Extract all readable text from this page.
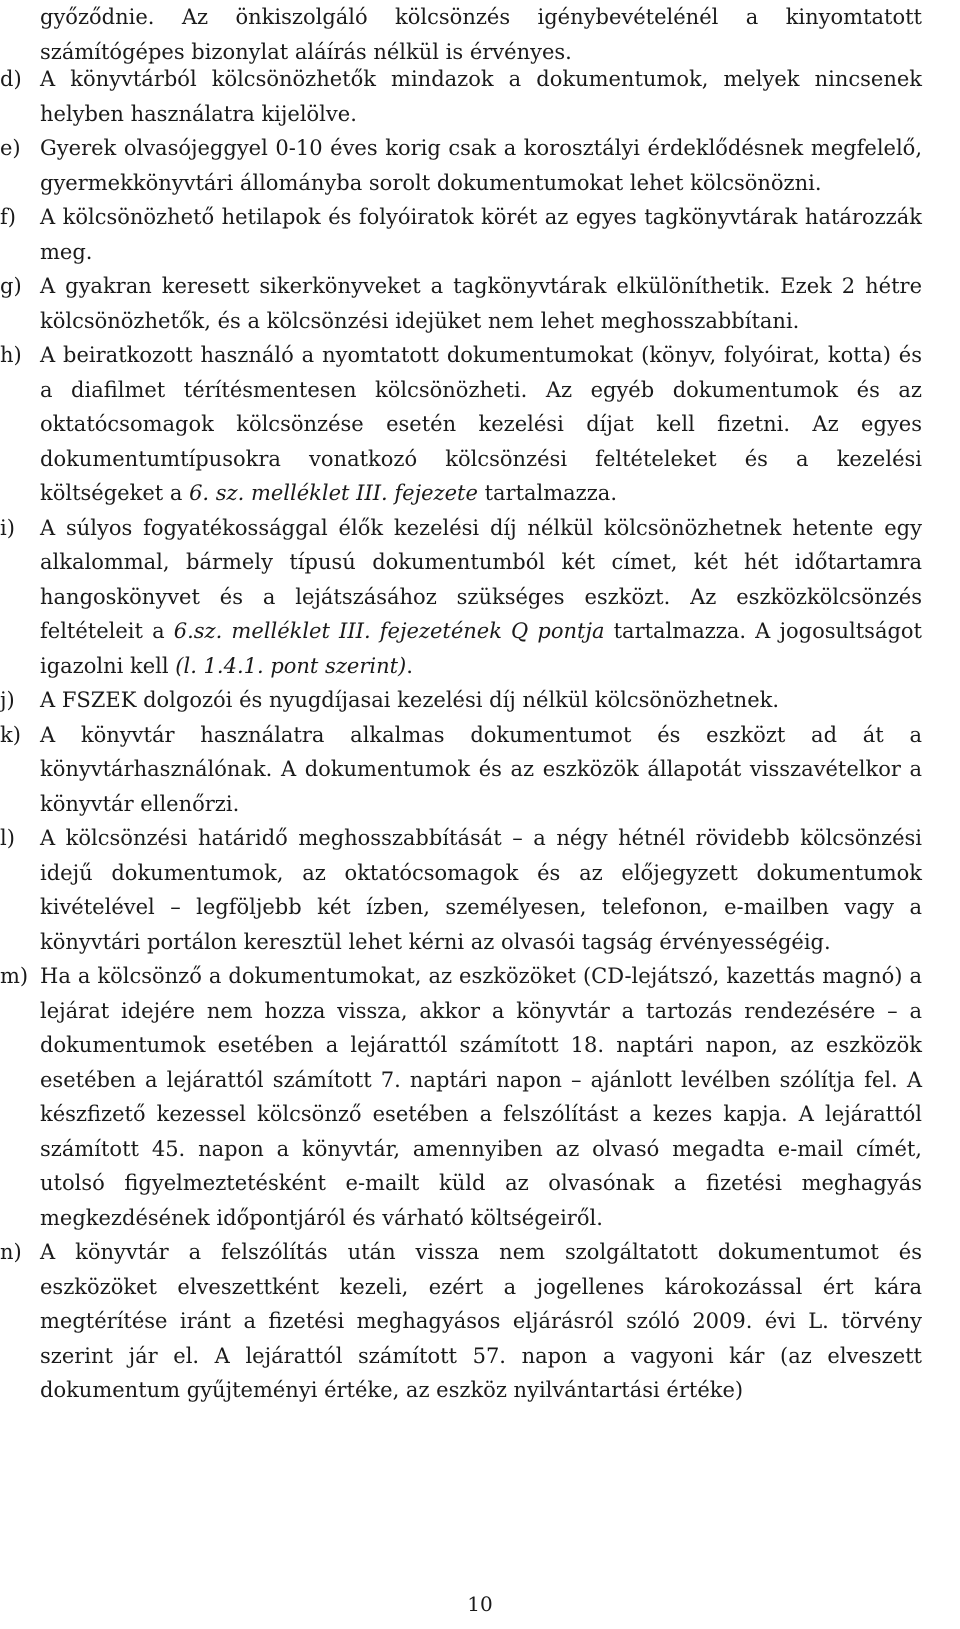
győződnie. Az önkiszolgáló kölcsönzés igénybevételénél a kinyomtatott számítógépes bizonylat aláírás nélkül is érvényes.

d) A könyvtárból kölcsönözhetők mindazok a dokumentumok, melyek nincsenek helyben használatra kijelölve.
e) Gyerek olvasójeggyel 0-10 éves korig csak a korosztályi érdeklődésnek megfelelő, gyermekkönyvtári állományba sorolt dokumentumokat lehet kölcsönözni.
f)	A kölcsönözhető hetilapok és folyóiratok körét az egyes tagkönyvtárak határozzák meg.
g) A gyakran keresett sikerkönyveket a tagkönyvtárak elkülöníthetik. Ezek 2 hétre kölcsönözhetők, és a kölcsönzési idejüket nem lehet meghosszabbítani.
h) A beiratkozott használó a nyomtatott dokumentumokat (könyv, folyóirat, kotta) és a diafilmet térítésmentesen kölcsönözheti. Az egyéb dokumentumok és az oktatócsomagok kölcsönzése esetén kezelési díjat kell fizetni. Az egyes dokumentumtípusokra vonatkozó kölcsönzési feltételeket és a kezelési költségeket a 6. sz. melléklet III. fejezete tartalmazza.
i)	A súlyos fogyatékossággal élők kezelési díj nélkül kölcsönözhetnek hetente egy alkalommal, bármely típusú dokumentumból két címet, két hét időtartamra hangoskönyvet és a lejátszásához szükséges eszközt. Az eszközkölcsönzés feltételeit a 6.sz. melléklet III. fejezetének Q pontja tartalmazza. A jogosultságot igazolni kell (l. 1.4.1. pont szerint).
j)	A FSZEK dolgozói és nyugdíjasai kezelési díj nélkül kölcsönözhetnek.
k) A könyvtár használatra alkalmas dokumentumot és eszközt ad át a könyvtárhasználónak. A dokumentumok és az eszközök állapotát visszavételkor a könyvtár ellenőrzi.
l)	A kölcsönzési határidő meghosszabbítását – a négy hétnél rövidebb kölcsönzési idejű dokumentumok, az oktatócsomagok és az előjegyzett dokumentumok kivételével – legföljebb két ízben, személyesen, telefonon, e-mailben vagy a könyvtári portálon keresztül lehet kérni az olvasói tagság érvényességéig.
m) Ha a kölcsönző a dokumentumokat, az eszközöket (CD-lejátszó, kazettás magnó) a lejárat idejére nem hozza vissza, akkor a könyvtár a tartozás rendezésére – a dokumentumok esetében a lejárattól számított 18. naptári napon, az eszközök esetében a lejárattól számított 7. naptári napon – ajánlott levélben szólítja fel. A készfizető kezessel kölcsönző esetében a felszólítást a kezes kapja. A lejárattól számított 45. napon a könyvtár, amennyiben az olvasó megadta e-mail címét, utolsó figyelmeztetésként e-mailt küld az olvasónak a fizetési meghagyás megkezdésének időpontjáról és várható költségeiről.
n) A könyvtár a felszólítás után vissza nem szolgáltatott dokumentumot és eszközöket elveszettként kezeli, ezért a jogellenes károkozással ért kára megtérítése iránt a fizetési meghagyásos eljárásról szóló 2009. évi L. törvény szerint jár el. A lejárattól számított 57. napon a vagyoni kár (az elveszett dokumentum gyűjteményi értéke, az eszköz nyilvántartási értéke)
10
